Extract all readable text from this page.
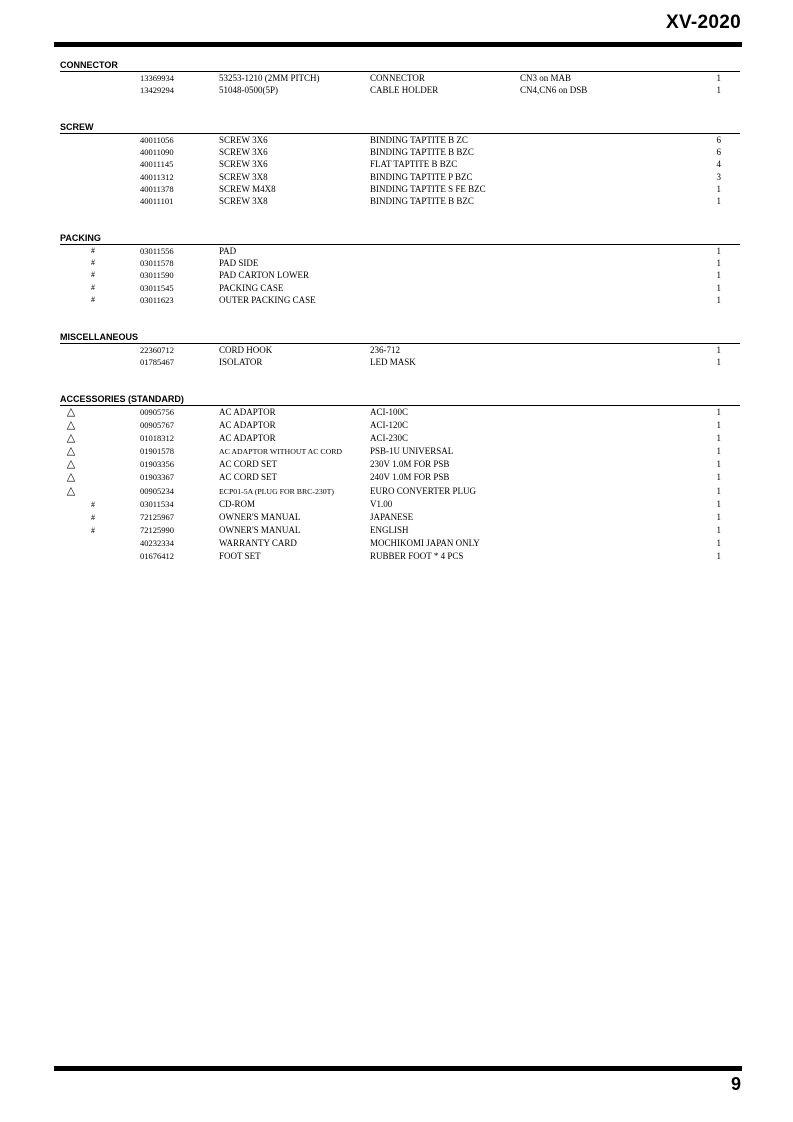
XV-2020
CONNECTOR
13369934	53253-1210 (2MM PITCH)	CONNECTOR	CN3 on MAB	1
13429294	51048-0500(5P)	CABLE HOLDER	CN4,CN6 on DSB	1
SCREW
40011056	SCREW 3X6	BINDING TAPTITE B ZC	6
40011090	SCREW 3X6	BINDING TAPTITE B BZC	6
40011145	SCREW 3X6	FLAT TAPTITE B BZC	4
40011312	SCREW 3X8	BINDING TAPTITE P BZC	3
40011378	SCREW M4X8	BINDING TAPTITE S FE BZC	1
40011101	SCREW 3X8	BINDING TAPTITE B BZC	1
PACKING
#	03011556	PAD	1
#	03011578	PAD SIDE	1
#	03011590	PAD CARTON LOWER	1
#	03011545	PACKING CASE	1
#	03011623	OUTER PACKING CASE	1
MISCELLANEOUS
22360712	CORD HOOK	236-712	1
01785467	ISOLATOR	LED MASK	1
ACCESSORIES (STANDARD)
△	00905756	AC ADAPTOR	ACI-100C	1
△	00905767	AC ADAPTOR	ACI-120C	1
△	01018312	AC ADAPTOR	ACI-230C	1
△	01901578	AC ADAPTOR WITHOUT AC CORD	PSB-1U UNIVERSAL	1
△	01903356	AC CORD SET	230V 1.0M FOR PSB	1
△	01903367	AC CORD SET	240V 1.0M FOR PSB	1
△	00905234	ECP01-5A (PLUG FOR BRC-230T)	EURO CONVERTER PLUG	1
#	03011534	CD-ROM	V1.00	1
#	72125967	OWNER'S MANUAL	JAPANESE	1
#	72125990	OWNER'S MANUAL	ENGLISH	1
40232334	WARRANTY CARD	MOCHIKOMI JAPAN ONLY	1
01676412	FOOT SET	RUBBER FOOT * 4 PCS	1
9
